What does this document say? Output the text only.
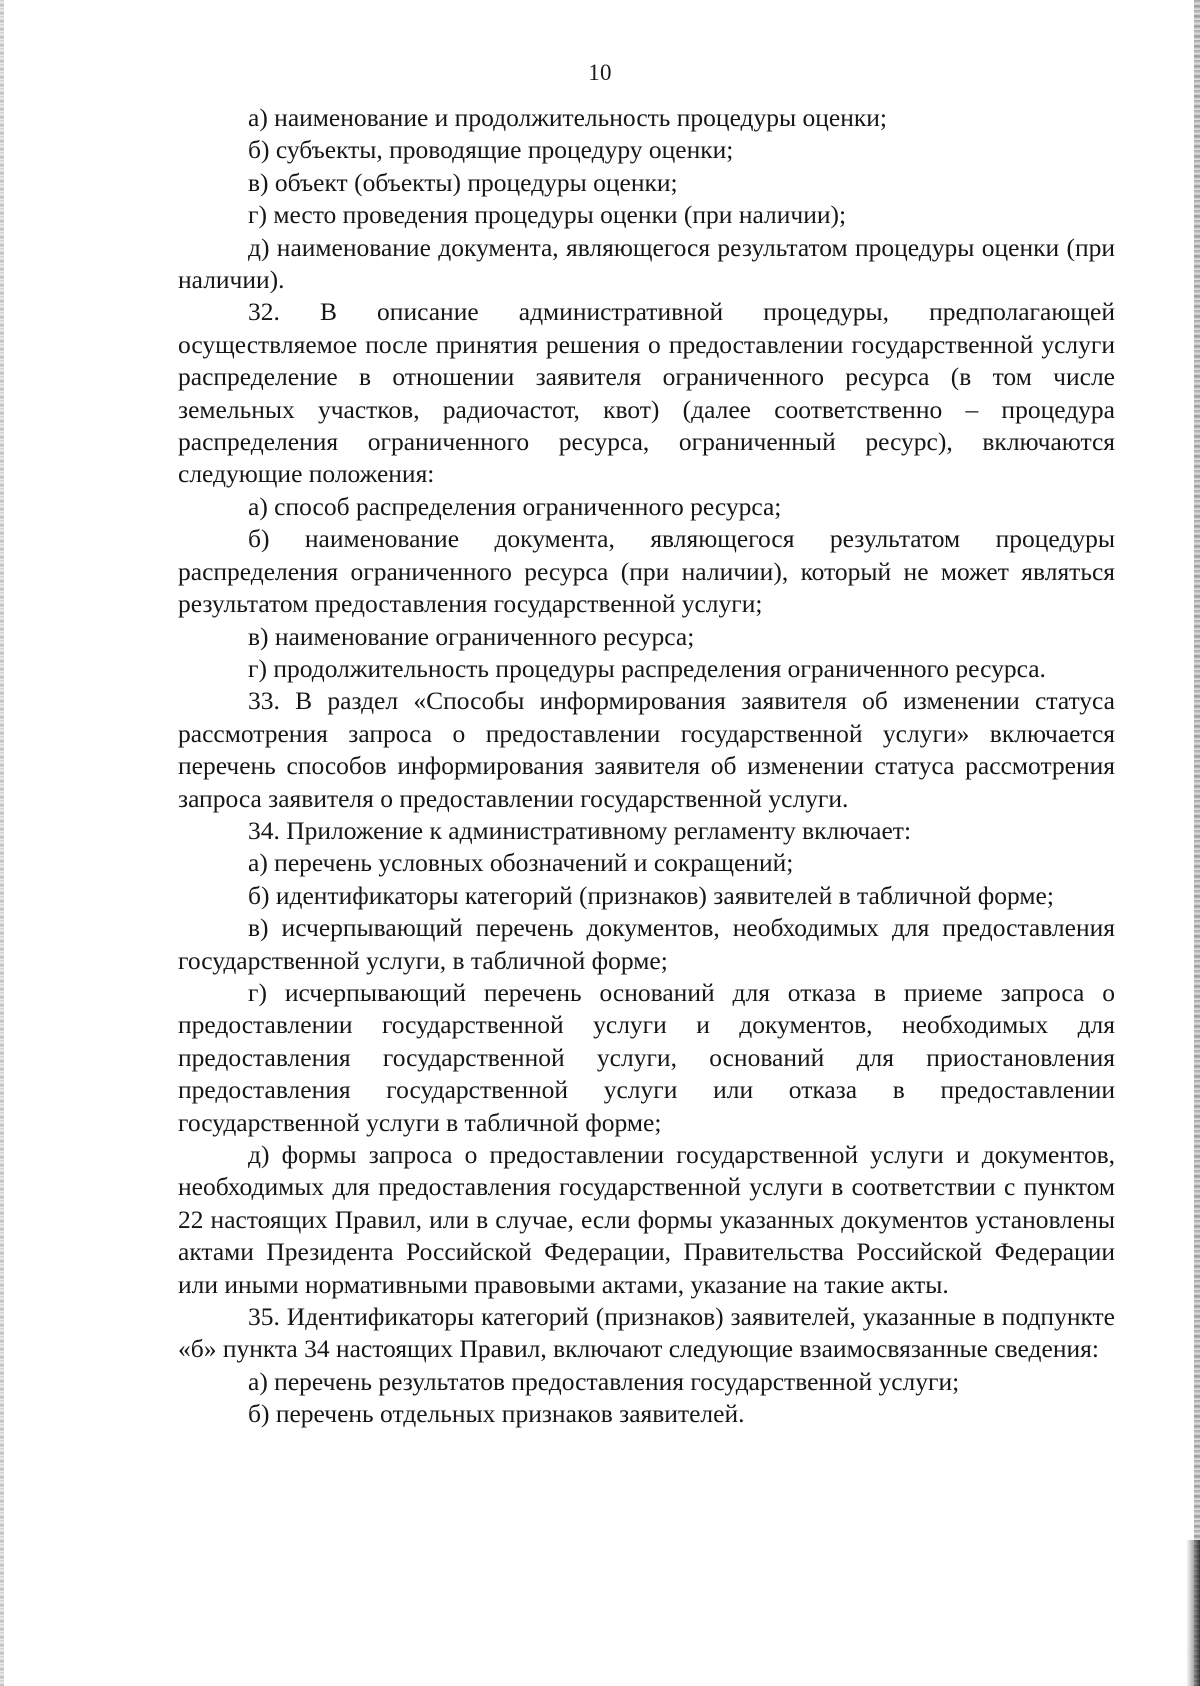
10

а) наименование и продолжительность процедуры оценки;

б) субъекты, проводящие процедуру оценки;

в) объект (объекты) процедуры оценки;

г) место проведения процедуры оценки (при наличии);

д) наименование документа, являющегося результатом процедуры оценки (при наличии).

32. В описание административной процедуры, предполагающей осуществляемое после принятия решения о предоставлении государственной услуги распределение в отношении заявителя ограниченного ресурса (в том числе земельных участков, радиочастот, квот) (далее соответственно – процедура распределения ограниченного ресурса, ограниченный ресурс), включаются следующие положения:

а) способ распределения ограниченного ресурса;

б) наименование документа, являющегося результатом процедуры распределения ограниченного ресурса (при наличии), который не может являться результатом предоставления государственной услуги;

в) наименование ограниченного ресурса;

г) продолжительность процедуры распределения ограниченного ресурса.

33. В раздел «Способы информирования заявителя об изменении статуса рассмотрения запроса о предоставлении государственной услуги» включается перечень способов информирования заявителя об изменении статуса рассмотрения запроса заявителя о предоставлении государственной услуги.

34. Приложение к административному регламенту включает:

а) перечень условных обозначений и сокращений;

б) идентификаторы категорий (признаков) заявителей в табличной форме;

в) исчерпывающий перечень документов, необходимых для предоставления государственной услуги, в табличной форме;

г) исчерпывающий перечень оснований для отказа в приеме запроса о предоставлении государственной услуги и документов, необходимых для предоставления государственной услуги, оснований для приостановления предоставления государственной услуги или отказа в предоставлении государственной услуги в табличной форме;

д) формы запроса о предоставлении государственной услуги и документов, необходимых для предоставления государственной услуги в соответствии с пунктом 22 настоящих Правил, или в случае, если формы указанных документов установлены актами Президента Российской Федерации, Правительства Российской Федерации или иными нормативными правовыми актами, указание на такие акты.

35. Идентификаторы категорий (признаков) заявителей, указанные в подпункте «б» пункта 34 настоящих Правил, включают следующие взаимосвязанные сведения:

а) перечень результатов предоставления государственной услуги;

б) перечень отдельных признаков заявителей.
